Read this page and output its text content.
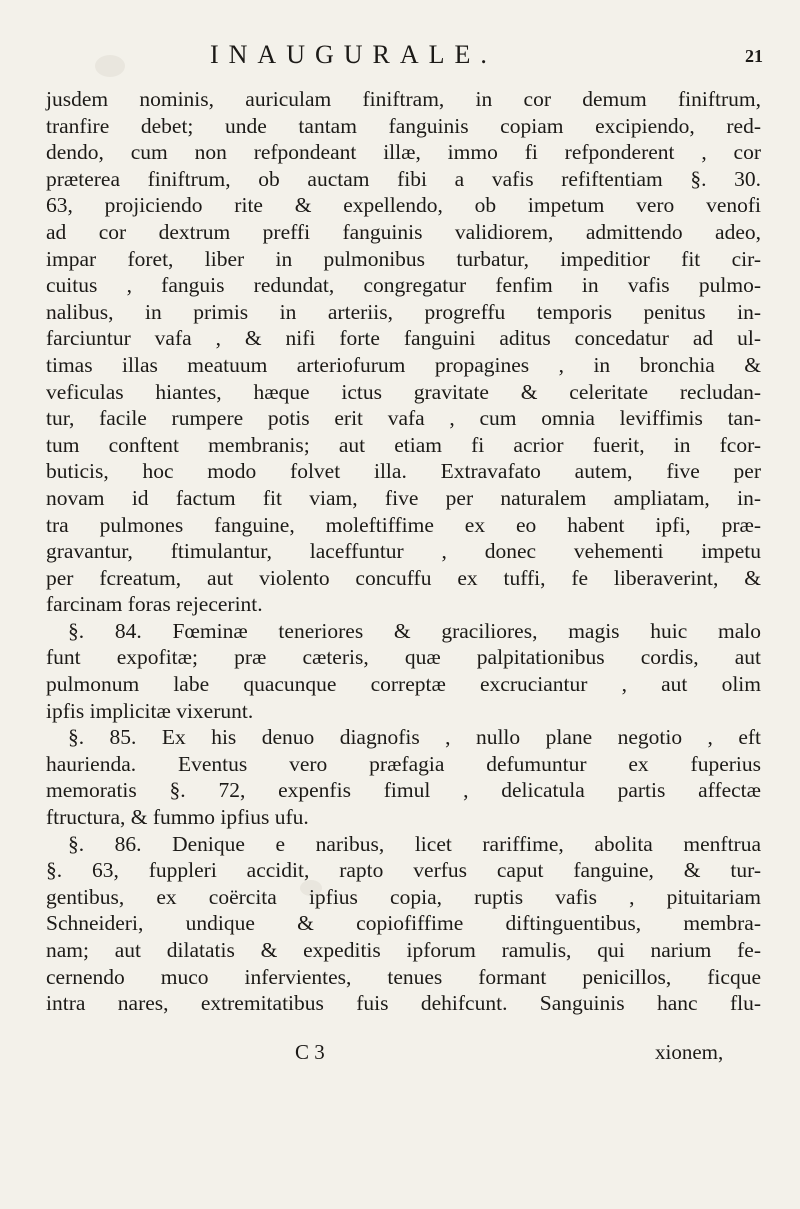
INAUGURALE.	21
jusdem nominis, auriculam finiftram, in cor demum finiftrum,
tranfire debet; unde tantam fanguinis copiam excipiendo, red-
dendo, cum non refpondeant illæ, immo fi refponderent , cor
præterea finiftrum, ob auctam fibi a vafis refiftentiam §. 30.
63, projiciendo rite & expellendo, ob impetum vero venofi
ad cor dextrum preffi fanguinis validiorem, admittendo adeo,
impar foret, liber in pulmonibus turbatur, impeditior fit cir-
cuitus , fanguis redundat, congregatur fenfim in vafis pulmo-
nalibus, in primis in arteriis, progreffu temporis penitus in-
farciuntur vafa , & nifi forte fanguini aditus concedatur ad ul-
timas illas meatuum arteriofurum propagines , in bronchia &
veficulas hiantes, hæque ictus gravitate & celeritate recludan-
tur, facile rumpere potis erit vafa , cum omnia leviffimis tan-
tum conftent membranis; aut etiam fi acrior fuerit, in fcor-
buticis, hoc modo folvet illa. Extravafato autem, five per
novam id factum fit viam, five per naturalem ampliatam, in-
tra pulmones fanguine, moleftiffime ex eo habent ipfi, præ-
gravantur, ftimulantur, laceffuntur , donec vehementi impetu
per fcreatum, aut violento concuffu ex tuffi, fe liberaverint, &
farcinam foras rejecerint.
§. 84. Fœminæ teneriores & graciliores, magis huic malo
funt expofitæ; præ cæteris, quæ palpitationibus cordis, aut
pulmonum labe quacunque correptæ excruciantur , aut olim
ipfis implicitæ vixerunt.
§. 85. Ex his denuo diagnofis , nullo plane negotio , eft
haurienda. Eventus vero præfagia defumuntur ex fuperius
memoratis §. 72, expenfis fimul , delicatula partis affectæ
ftructura, & fummo ipfius ufu.
§. 86. Denique e naribus, licet rariffime, abolita menftrua
§. 63, fuppleri accidit, rapto verfus caput fanguine, & tur-
gentibus, ex coërcita ipfius copia, ruptis vafis , pituitariam
Schneideri, undique & copiofiffime diftinguentibus, membra-
nam; aut dilatatis & expeditis ipforum ramulis, qui narium fe-
cernendo muco infervientes, tenues formant penicillos, ficque
intra nares, extremitatibus fuis dehifcunt. Sanguinis hanc flu-
C 3	xionem,
